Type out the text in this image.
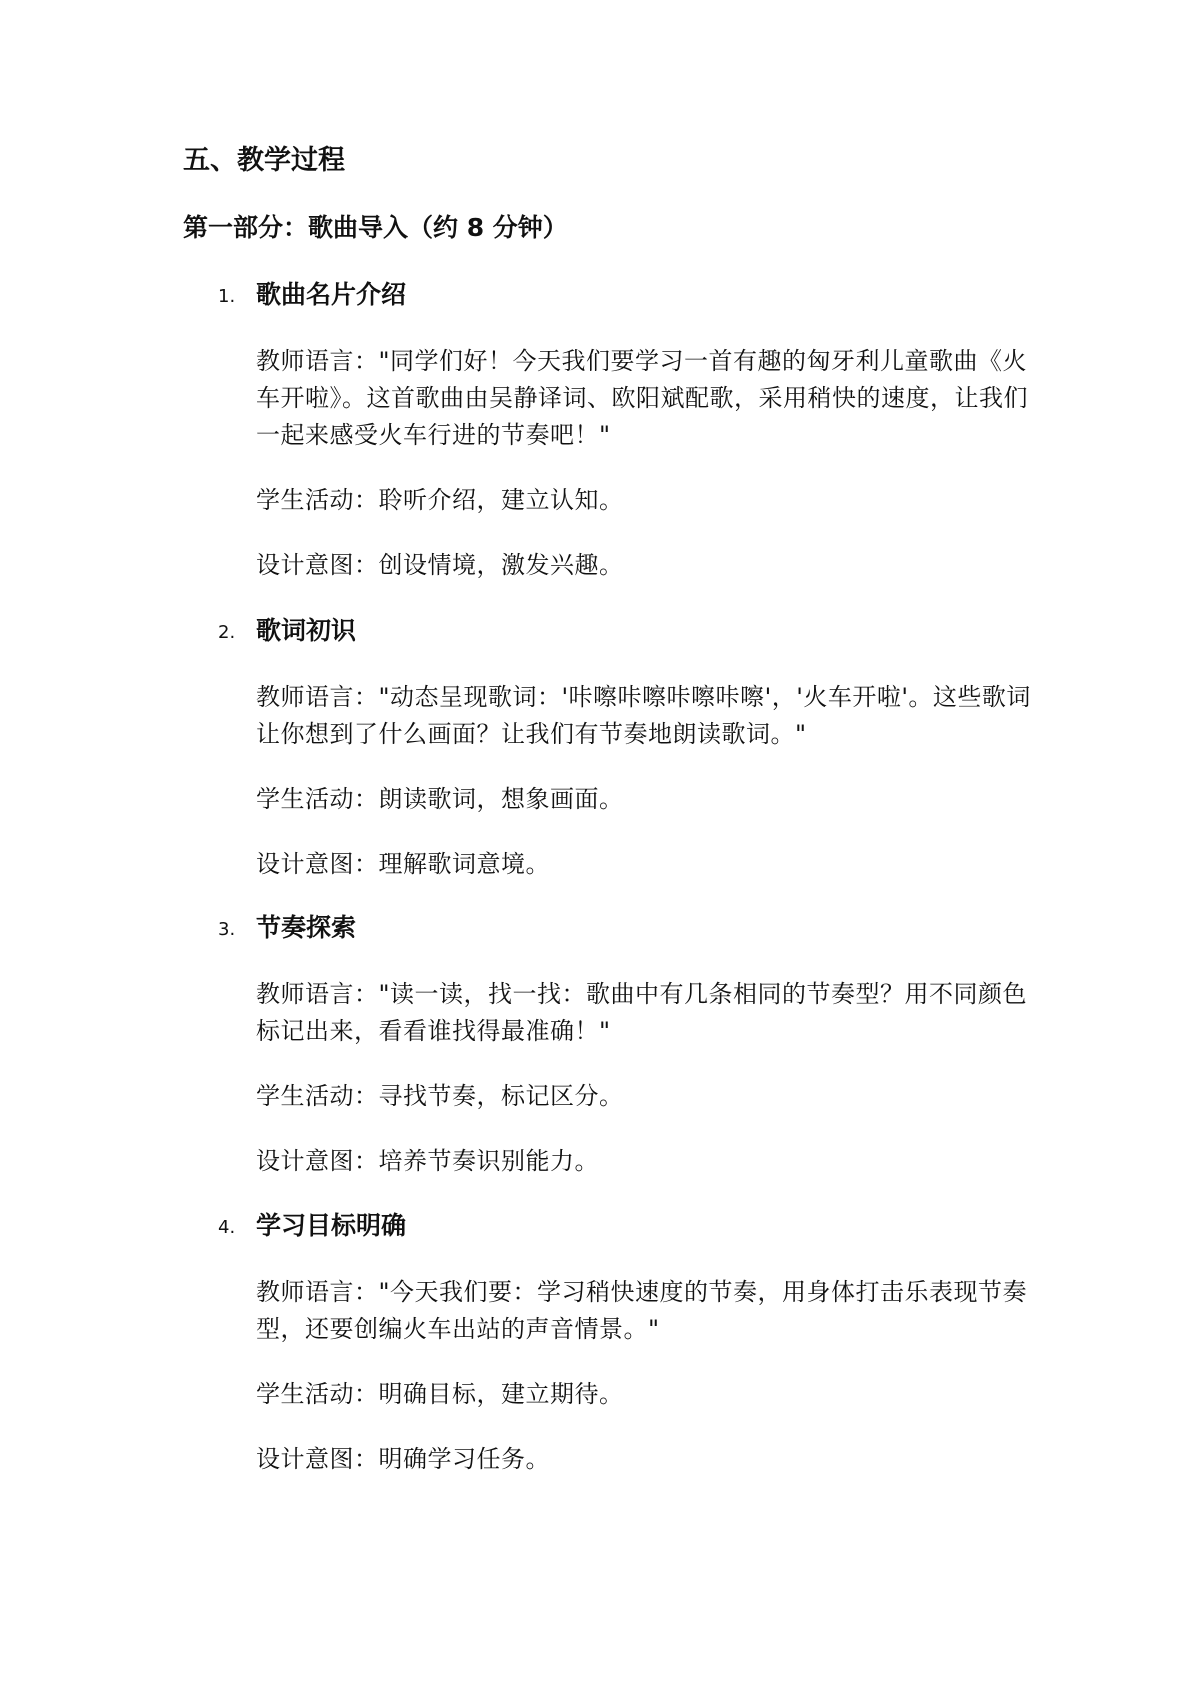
五、教学过程
第一部分：歌曲导入（约 8 分钟）
1. 歌曲名片介绍
教师语言："同学们好！今天我们要学习一首有趣的匈牙利儿童歌曲《火车开啦》。这首歌曲由吴静译词、欧阳斌配歌，采用稍快的速度，让我们一起来感受火车行进的节奏吧！"
学生活动：聆听介绍，建立认知。
设计意图：创设情境，激发兴趣。
2. 歌词初识
教师语言："动态呈现歌词：'咔嚓咔嚓咔嚓咔嚓'，'火车开啦'。这些歌词让你想到了什么画面？让我们有节奏地朗读歌词。"
学生活动：朗读歌词，想象画面。
设计意图：理解歌词意境。
3. 节奏探索
教师语言："读一读，找一找：歌曲中有几条相同的节奏型？用不同颜色标记出来，看看谁找得最准确！"
学生活动：寻找节奏，标记区分。
设计意图：培养节奏识别能力。
4. 学习目标明确
教师语言："今天我们要：学习稍快速度的节奏，用身体打击乐表现节奏型，还要创编火车出站的声音情景。"
学生活动：明确目标，建立期待。
设计意图：明确学习任务。
